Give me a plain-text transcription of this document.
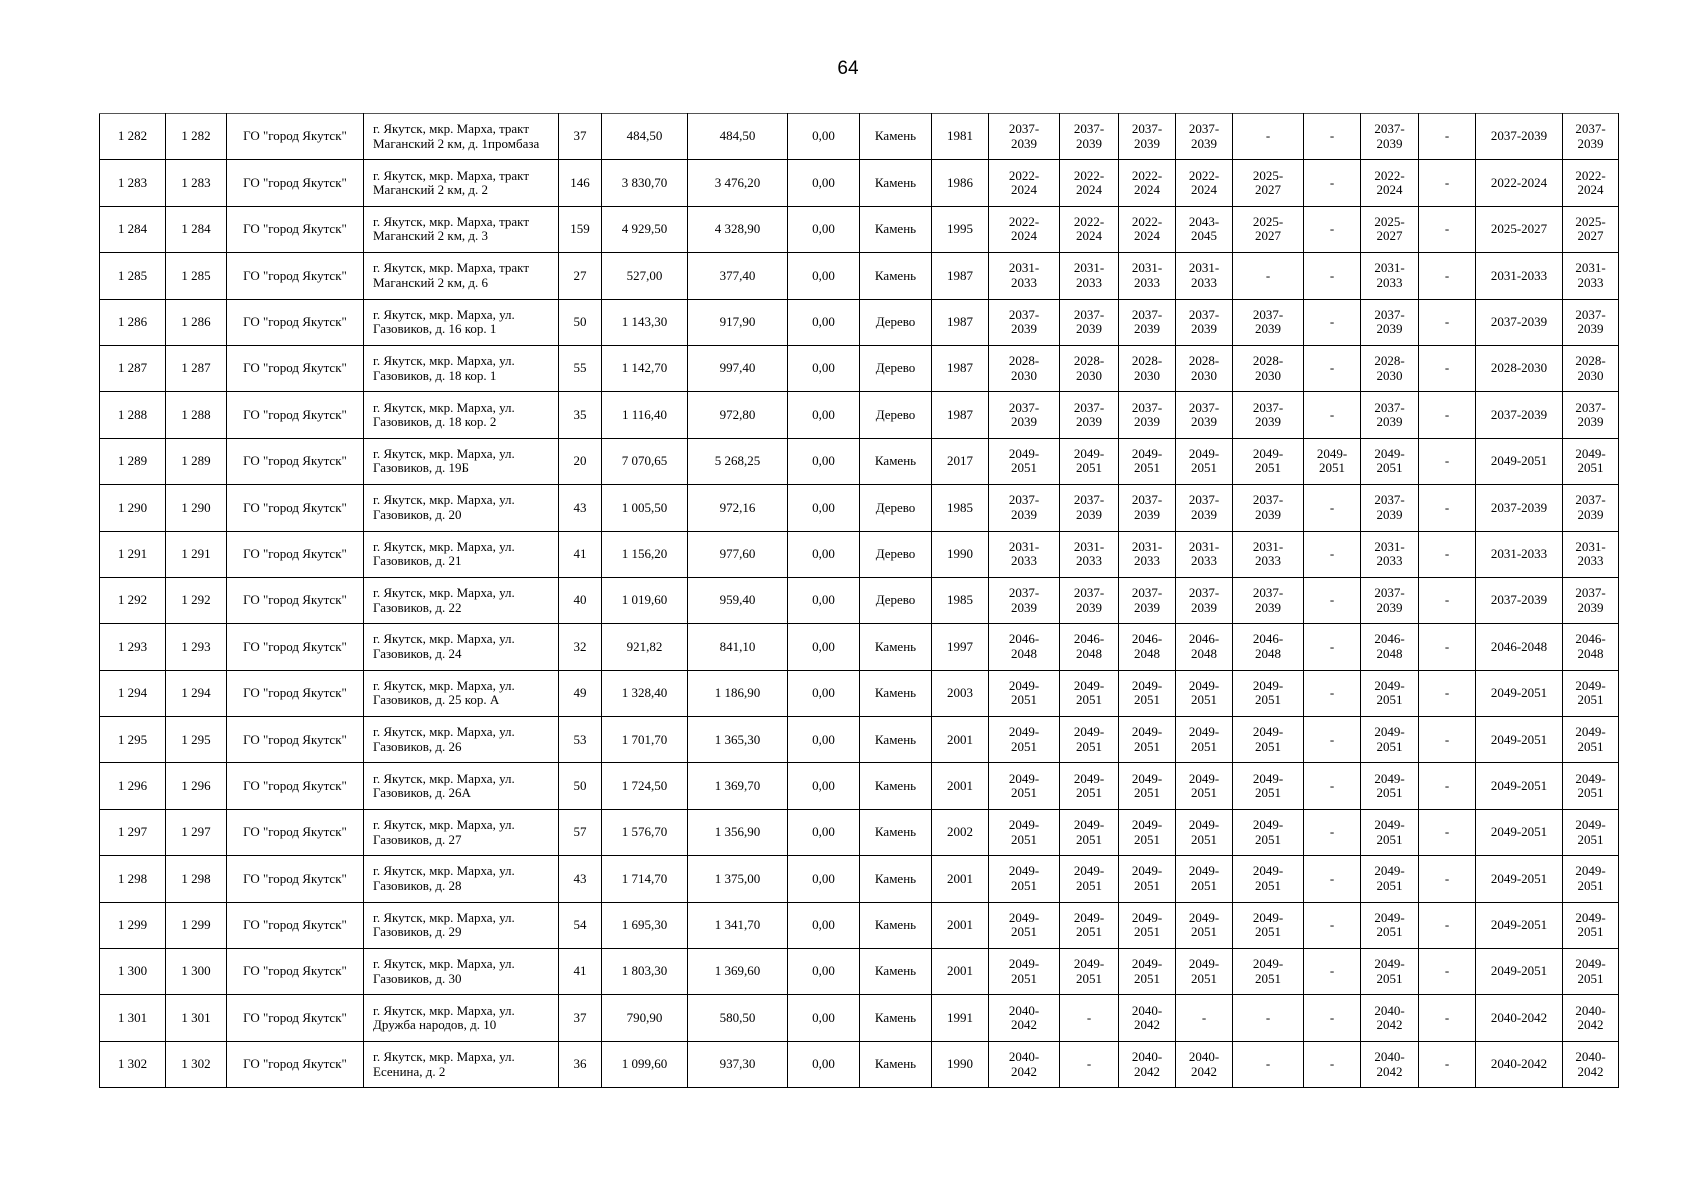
64
1 282	1 282	ГО "город Якутск"	г. Якутск, мкр. Марха, тракт Маганский 2 км, д. 1промбаза	37	484,50	484,50	0,00	Камень	1981	2037-
2039	2037-
2039	2037-
2039	2037-
2039	-	-	2037-
2039	-	2037-2039	2037-
2039
1 283	1 283	ГО "город Якутск"	г. Якутск, мкр. Марха, тракт Маганский 2 км, д. 2	146	3 830,70	3 476,20	0,00	Камень	1986	2022-
2024	2022-
2024	2022-
2024	2022-
2024	2025-
2027	-	2022-
2024	-	2022-2024	2022-
2024
1 284	1 284	ГО "город Якутск"	г. Якутск, мкр. Марха, тракт Маганский 2 км, д. 3	159	4 929,50	4 328,90	0,00	Камень	1995	2022-
2024	2022-
2024	2022-
2024	2043-
2045	2025-
2027	-	2025-
2027	-	2025-2027	2025-
2027
1 285	1 285	ГО "город Якутск"	г. Якутск, мкр. Марха, тракт Маганский 2 км, д. 6	27	527,00	377,40	0,00	Камень	1987	2031-
2033	2031-
2033	2031-
2033	2031-
2033	-	-	2031-
2033	-	2031-2033	2031-
2033
1 286	1 286	ГО "город Якутск"	г. Якутск, мкр. Марха, ул. Газовиков, д. 16 кор. 1	50	1 143,30	917,90	0,00	Дерево	1987	2037-
2039	2037-
2039	2037-
2039	2037-
2039	2037-
2039	-	2037-
2039	-	2037-2039	2037-
2039
1 287	1 287	ГО "город Якутск"	г. Якутск, мкр. Марха, ул. Газовиков, д. 18 кор. 1	55	1 142,70	997,40	0,00	Дерево	1987	2028-
2030	2028-
2030	2028-
2030	2028-
2030	2028-
2030	-	2028-
2030	-	2028-2030	2028-
2030
1 288	1 288	ГО "город Якутск"	г. Якутск, мкр. Марха, ул. Газовиков, д. 18 кор. 2	35	1 116,40	972,80	0,00	Дерево	1987	2037-
2039	2037-
2039	2037-
2039	2037-
2039	2037-
2039	-	2037-
2039	-	2037-2039	2037-
2039
1 289	1 289	ГО "город Якутск"	г. Якутск, мкр. Марха, ул. Газовиков, д. 19Б	20	7 070,65	5 268,25	0,00	Камень	2017	2049-
2051	2049-
2051	2049-
2051	2049-
2051	2049-
2051	2049-
2051	2049-
2051	-	2049-2051	2049-
2051
1 290	1 290	ГО "город Якутск"	г. Якутск, мкр. Марха, ул. Газовиков, д. 20	43	1 005,50	972,16	0,00	Дерево	1985	2037-
2039	2037-
2039	2037-
2039	2037-
2039	2037-
2039	-	2037-
2039	-	2037-2039	2037-
2039
1 291	1 291	ГО "город Якутск"	г. Якутск, мкр. Марха, ул. Газовиков, д. 21	41	1 156,20	977,60	0,00	Дерево	1990	2031-
2033	2031-
2033	2031-
2033	2031-
2033	2031-
2033	-	2031-
2033	-	2031-2033	2031-
2033
1 292	1 292	ГО "город Якутск"	г. Якутск, мкр. Марха, ул. Газовиков, д. 22	40	1 019,60	959,40	0,00	Дерево	1985	2037-
2039	2037-
2039	2037-
2039	2037-
2039	2037-
2039	-	2037-
2039	-	2037-2039	2037-
2039
1 293	1 293	ГО "город Якутск"	г. Якутск, мкр. Марха, ул. Газовиков, д. 24	32	921,82	841,10	0,00	Камень	1997	2046-
2048	2046-
2048	2046-
2048	2046-
2048	2046-
2048	-	2046-
2048	-	2046-2048	2046-
2048
1 294	1 294	ГО "город Якутск"	г. Якутск, мкр. Марха, ул. Газовиков, д. 25 кор. А	49	1 328,40	1 186,90	0,00	Камень	2003	2049-
2051	2049-
2051	2049-
2051	2049-
2051	2049-
2051	-	2049-
2051	-	2049-2051	2049-
2051
1 295	1 295	ГО "город Якутск"	г. Якутск, мкр. Марха, ул. Газовиков, д. 26	53	1 701,70	1 365,30	0,00	Камень	2001	2049-
2051	2049-
2051	2049-
2051	2049-
2051	2049-
2051	-	2049-
2051	-	2049-2051	2049-
2051
1 296	1 296	ГО "город Якутск"	г. Якутск, мкр. Марха, ул. Газовиков, д. 26А	50	1 724,50	1 369,70	0,00	Камень	2001	2049-
2051	2049-
2051	2049-
2051	2049-
2051	2049-
2051	-	2049-
2051	-	2049-2051	2049-
2051
1 297	1 297	ГО "город Якутск"	г. Якутск, мкр. Марха, ул. Газовиков, д. 27	57	1 576,70	1 356,90	0,00	Камень	2002	2049-
2051	2049-
2051	2049-
2051	2049-
2051	2049-
2051	-	2049-
2051	-	2049-2051	2049-
2051
1 298	1 298	ГО "город Якутск"	г. Якутск, мкр. Марха, ул. Газовиков, д. 28	43	1 714,70	1 375,00	0,00	Камень	2001	2049-
2051	2049-
2051	2049-
2051	2049-
2051	2049-
2051	-	2049-
2051	-	2049-2051	2049-
2051
1 299	1 299	ГО "город Якутск"	г. Якутск, мкр. Марха, ул. Газовиков, д. 29	54	1 695,30	1 341,70	0,00	Камень	2001	2049-
2051	2049-
2051	2049-
2051	2049-
2051	2049-
2051	-	2049-
2051	-	2049-2051	2049-
2051
1 300	1 300	ГО "город Якутск"	г. Якутск, мкр. Марха, ул. Газовиков, д. 30	41	1 803,30	1 369,60	0,00	Камень	2001	2049-
2051	2049-
2051	2049-
2051	2049-
2051	2049-
2051	-	2049-
2051	-	2049-2051	2049-
2051
1 301	1 301	ГО "город Якутск"	г. Якутск, мкр. Марха, ул. Дружба народов, д. 10	37	790,90	580,50	0,00	Камень	1991	2040-
2042	-	2040-
2042	-	-	-	2040-
2042	-	2040-2042	2040-
2042
1 302	1 302	ГО "город Якутск"	г. Якутск, мкр. Марха, ул. Есенина, д. 2	36	1 099,60	937,30	0,00	Камень	1990	2040-
2042	-	2040-
2042	2040-
2042	-	-	2040-
2042	-	2040-2042	2040-
2042
